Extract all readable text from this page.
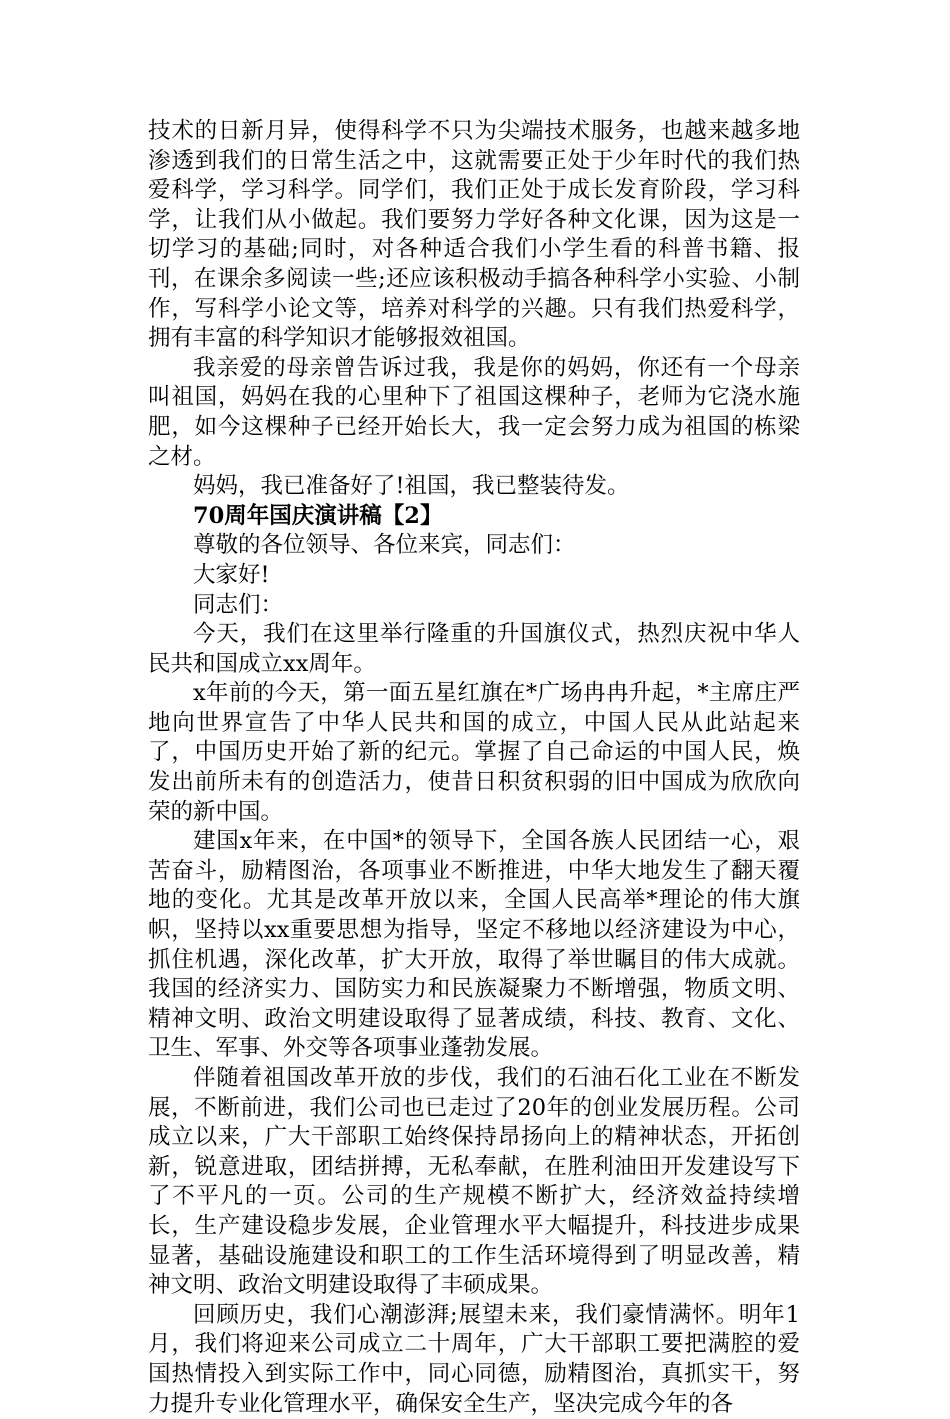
技术的日新月异，使得科学不只为尖端技术服务，也越来越多地渗透到我们的日常生活之中，这就需要正处于少年时代的我们热爱科学，学习科学。同学们，我们正处于成长发育阶段，学习科学，让我们从小做起。我们要努力学好各种文化课，因为这是一切学习的基础;同时，对各种适合我们小学生看的科普书籍、报刊，在课余多阅读一些;还应该积极动手搞各种科学小实验、小制作，写科学小论文等，培养对科学的兴趣。只有我们热爱科学，拥有丰富的科学知识才能够报效祖国。

我亲爱的母亲曾告诉过我，我是你的妈妈，你还有一个母亲叫祖国，妈妈在我的心里种下了祖国这棵种子，老师为它浇水施肥，如今这棵种子已经开始长大，我一定会努力成为祖国的栋梁之材。

妈妈，我已准备好了!祖国，我已整装待发。

70周年国庆演讲稿【2】

尊敬的各位领导、各位来宾，同志们：

大家好!

同志们：

今天，我们在这里举行隆重的升国旗仪式，热烈庆祝中华人民共和国成立xx周年。

x年前的今天，第一面五星红旗在*广场冉冉升起，*主席庄严地向世界宣告了中华人民共和国的成立，中国人民从此站起来了，中国历史开始了新的纪元。掌握了自己命运的中国人民，焕发出前所未有的创造活力，使昔日积贫积弱的旧中国成为欣欣向荣的新中国。

建国x年来，在中国*的领导下，全国各族人民团结一心，艰苦奋斗，励精图治，各项事业不断推进，中华大地发生了翻天覆地的变化。尤其是改革开放以来，全国人民高举*理论的伟大旗帜，坚持以xx重要思想为指导，坚定不移地以经济建设为中心，抓住机遇，深化改革，扩大开放，取得了举世瞩目的伟大成就。我国的经济实力、国防实力和民族凝聚力不断增强，物质文明、精神文明、政治文明建设取得了显著成绩，科技、教育、文化、卫生、军事、外交等各项事业蓬勃发展。

伴随着祖国改革开放的步伐，我们的石油石化工业在不断发展，不断前进，我们公司也已走过了20年的创业发展历程。公司成立以来，广大干部职工始终保持昂扬向上的精神状态，开拓创新，锐意进取，团结拼搏，无私奉献，在胜利油田开发建设写下了不平凡的一页。公司的生产规模不断扩大，经济效益持续增长，生产建设稳步发展，企业管理水平大幅提升，科技进步成果显著，基础设施建设和职工的工作生活环境得到了明显改善，精神文明、政治文明建设取得了丰硕成果。

回顾历史，我们心潮澎湃;展望未来，我们豪情满怀。明年1月，我们将迎来公司成立二十周年，广大干部职工要把满腔的爱国热情投入到实际工作中，同心同德，励精图治，真抓实干，努力提升专业化管理水平，确保安全生产，坚决完成今年的各
